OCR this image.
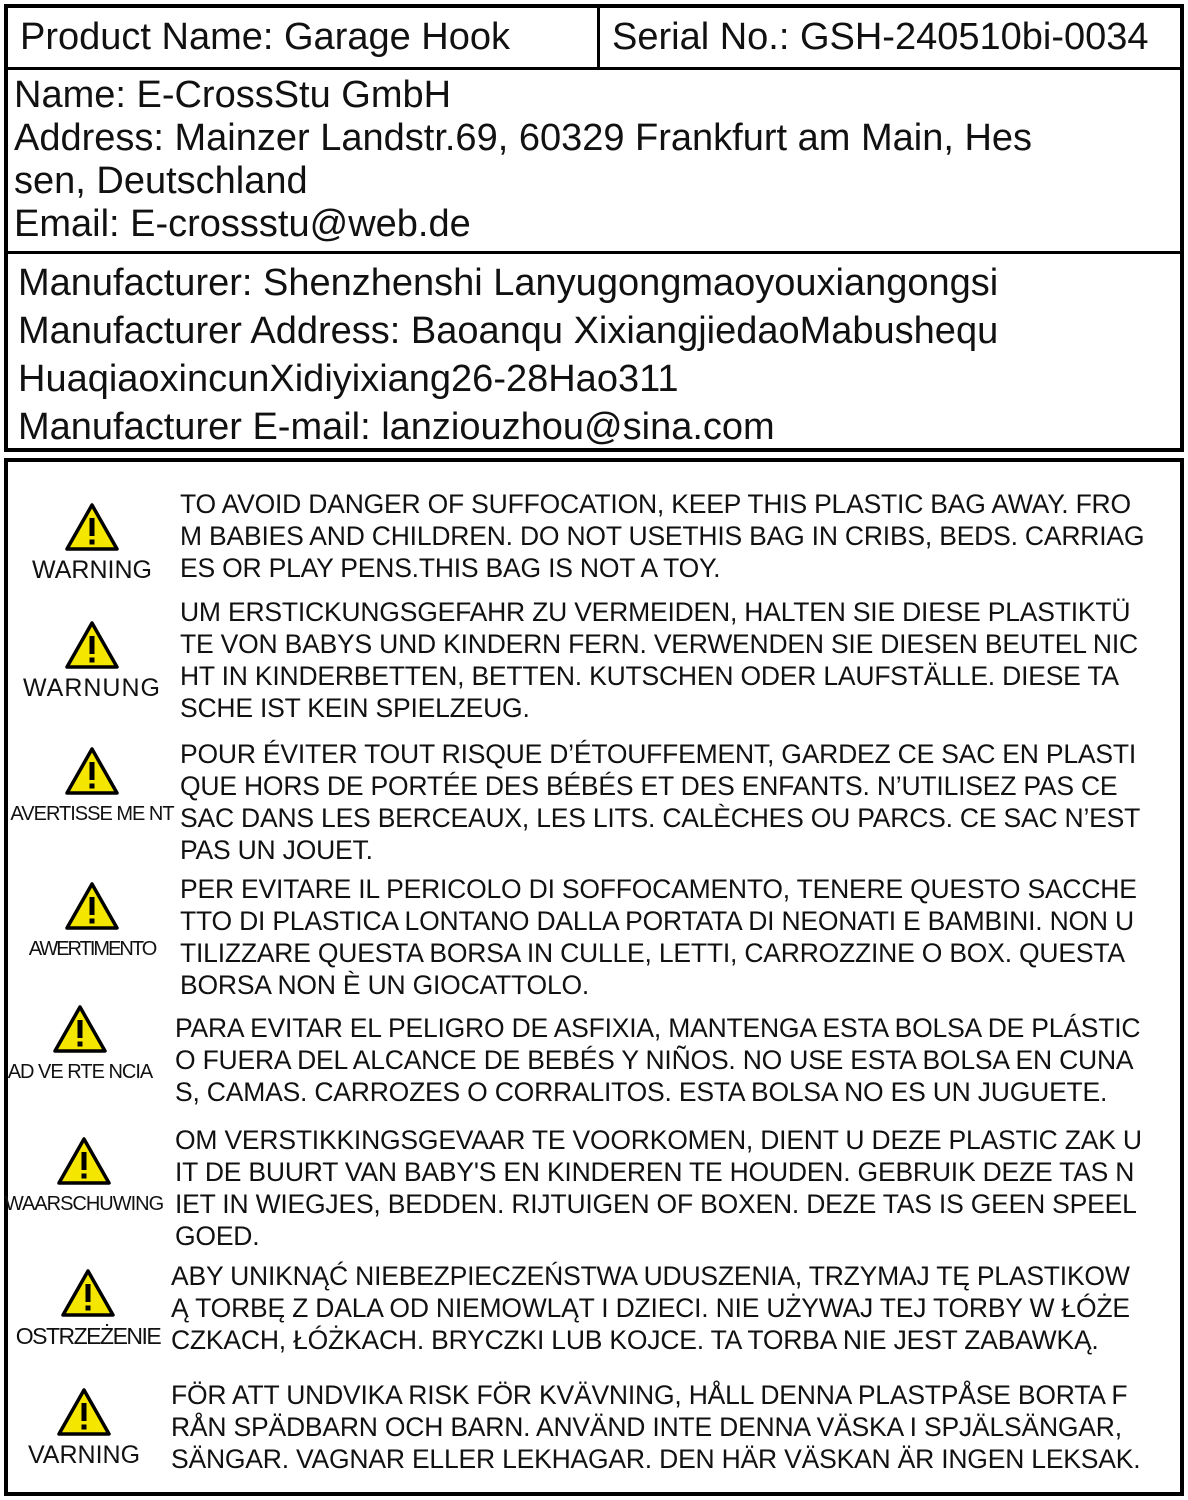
Product Name: Garage Hook	Serial No.: GSH-240510bi-0034
Name: E-CrossStu GmbH
Address: Mainzer Landstr.69, 60329 Frankfurt am Main, Hes
sen, Deutschland
Email: E-crossstu@web.de
Manufacturer: Shenzhenshi Lanyugongmaoyouxiangongsi
Manufacturer Address: Baoanqu XixiangjiedaoMabushequ
HuaqiaoxincunXidiyixiang26-28Hao311
Manufacturer E-mail: lanziouzhou@sina.com
WARNING
TO AVOID DANGER OF SUFFOCATION, KEEP THIS PLASTIC BAG AWAY. FRO
M BABIES AND CHILDREN. DO NOT USETHIS BAG IN CRIBS, BEDS. CARRIAG
ES OR PLAY PENS.THIS BAG IS NOT A TOY.
WARNUNG
UM ERSTICKUNGSGEFAHR ZU VERMEIDEN, HALTEN SIE DIESE PLASTIKTÜ
TE VON BABYS UND KINDERN FERN. VERWENDEN SIE DIESEN BEUTEL NIC
HT IN KINDERBETTEN, BETTEN. KUTSCHEN ODER LAUFSTÄLLE. DIESE TA
SCHE IST KEIN SPIELZEUG.
AVERTISSE ME NT
POUR ÉVITER TOUT RISQUE D’ÉTOUFFEMENT, GARDEZ CE SAC EN PLASTI
QUE HORS DE PORTÉE DES BÉBÉS ET DES ENFANTS. N’UTILISEZ PAS CE
SAC DANS LES BERCEAUX, LES LITS. CALÈCHES OU PARCS. CE SAC N’EST
PAS UN JOUET.
AWERTIMENTO
PER EVITARE IL PERICOLO DI SOFFOCAMENTO, TENERE QUESTO SACCHE
TTO DI PLASTICA LONTANO DALLA PORTATA DI NEONATI E BAMBINI. NON U
TILIZZARE QUESTA BORSA IN CULLE, LETTI, CARROZZINE O BOX. QUESTA
BORSA NON È UN GIOCATTOLO.
AD VE RTE NCIA
PARA EVITAR EL PELIGRO DE ASFIXIA, MANTENGA ESTA BOLSA DE PLÁSTIC
O FUERA DEL ALCANCE DE BEBÉS Y NIÑOS. NO USE ESTA BOLSA EN CUNA
S, CAMAS. CARROZES O CORRALITOS. ESTA BOLSA NO ES UN JUGUETE.
WAARSCHUWING
OM VERSTIKKINGSGEVAAR TE VOORKOMEN, DIENT U DEZE PLASTIC ZAK U
IT DE BUURT VAN BABY'S EN KINDEREN TE HOUDEN. GEBRUIK DEZE TAS N
IET IN WIEGJES, BEDDEN. RIJTUIGEN OF BOXEN. DEZE TAS IS GEEN SPEEL
GOED.
OSTRZEŻENIE
ABY UNIKNĄĆ NIEBEZPIECZEŃSTWA UDUSZENIA, TRZYMAJ TĘ PLASTIKOW
Ą TORBĘ Z DALA OD NIEMOWLĄT I DZIECI. NIE UŻYWAJ TEJ TORBY W ŁÓŻE
CZKACH, ŁÓŻKACH. BRYCZKI LUB KOJCE. TA TORBA NIE JEST ZABAWKĄ.
VARNING
FÖR ATT UNDVIKA RISK FÖR KVÄVNING, HÅLL DENNA PLASTPÅSE BORTA F
RÅN SPÄDBARN OCH BARN. ANVÄND INTE DENNA VÄSKA I SPJÄLSÄNGAR,
SÄNGAR. VAGNAR ELLER LEKHAGAR. DEN HÄR VÄSKAN ÄR INGEN LEKSAK.
